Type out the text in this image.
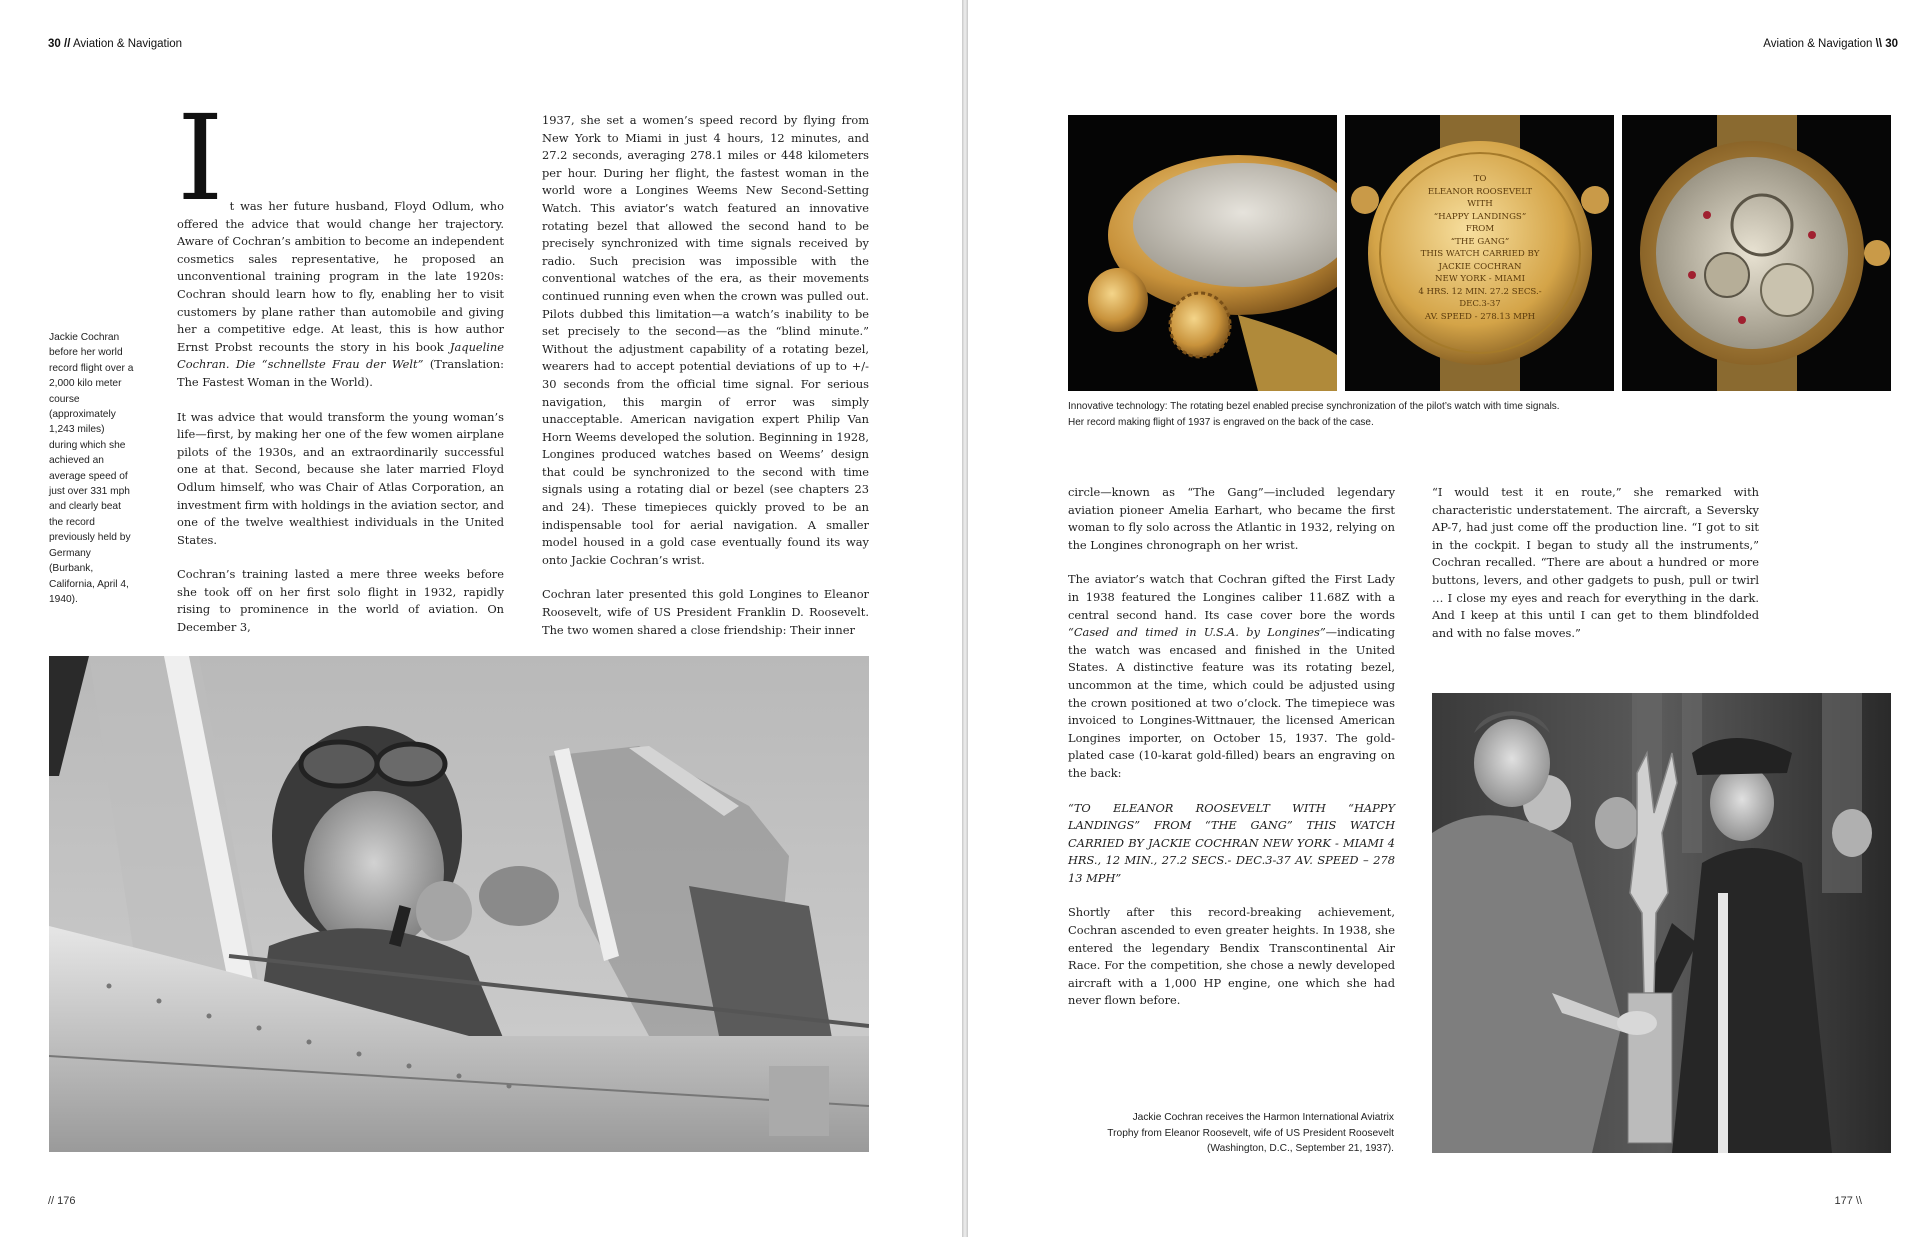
30 // Aviation & Navigation
Jackie Cochran before her world record flight over a 2,000 kilo meter course (approximately 1,243 miles) during which she achieved an average speed of just over 331 mph and clearly beat the record previously held by Germany (Burbank, California, April 4, 1940).

It was her future husband, Floyd Odlum, who offered the advice that would change her trajectory. Aware of Cochran’s ambition to become an independent cosmetics sales representative, he proposed an unconventional training program in the late 1920s: Cochran should learn how to fly, enabling her to visit customers by plane rather than automobile and giving her a competitive edge. At least, this is how author Ernst Probst recounts the story in his book Jaqueline Cochran. Die “schnellste Frau der Welt” (Translation: The Fastest Woman in the World).

It was advice that would transform the young woman’s life—first, by making her one of the few women airplane pilots of the 1930s, and an extraordinarily successful one at that. Second, because she later married Floyd Odlum himself, who was Chair of Atlas Corporation, an investment firm with holdings in the aviation sector, and one of the twelve wealthiest individuals in the United States.

Cochran’s training lasted a mere three weeks before she took off on her first solo flight in 1932, rapidly rising to prominence in the world of aviation. On December 3,

1937, she set a women’s speed record by flying from New York to Miami in just 4 hours, 12 minutes, and 27.2 seconds, averaging 278.1 miles or 448 kilometers per hour. During her flight, the fastest woman in the world wore a Longines Weems New Second-Setting Watch. This aviator’s watch featured an innovative rotating bezel that allowed the second hand to be precisely synchronized with time signals received by radio. Such precision was impossible with the conventional watches of the era, as their movements continued running even when the crown was pulled out. Pilots dubbed this limitation—a watch’s inability to be set precisely to the second—as the “blind minute.” Without the adjustment capability of a rotating bezel, wearers had to accept potential deviations of up to +/- 30 seconds from the official time signal. For serious navigation, this margin of error was simply unacceptable. American navigation expert Philip Van Horn Weems developed the solution. Beginning in 1928, Longines produced watches based on Weems’ design that could be synchronized to the second with time signals using a rotating dial or bezel (see chapters 23 and 24). These timepieces quickly proved to be an indispensable tool for aerial navigation. A smaller model housed in a gold case eventually found its way onto Jackie Cochran’s wrist.

Cochran later presented this gold Longines to Eleanor Roosevelt, wife of US President Franklin D. Roosevelt. The two women shared a close friendship: Their inner

// 176
Aviation & Navigation \\ 30
TO
ELEANOR ROOSEVELT
WITH
“HAPPY LANDINGS”
FROM
“THE GANG”
THIS WATCH CARRIED BY
JACKIE COCHRAN
NEW YORK - MIAMI
4 HRS. 12 MIN. 27.2 SECS.-DEC.3-37
AV. SPEED - 278.13 MPH
Innovative technology: The rotating bezel enabled precise synchronization of the pilot’s watch with time signals.
Her record making flight of 1937 is engraved on the back of the case.

circle—known as “The Gang”—included legendary aviation pioneer Amelia Earhart, who became the first woman to fly solo across the Atlantic in 1932, relying on the Longines chronograph on her wrist.

The aviator’s watch that Cochran gifted the First Lady in 1938 featured the Longines caliber 11.68Z with a central second hand. Its case cover bore the words “Cased and timed in U.S.A. by Longines”—indicating the watch was encased and finished in the United States. A distinctive feature was its rotating bezel, uncommon at the time, which could be adjusted using the crown positioned at two o’clock. The timepiece was invoiced to Longines-Wittnauer, the licensed American Longines importer, on October 15, 1937. The gold-plated case (10-karat gold-filled) bears an engraving on the back:

“TO ELEANOR ROOSEVELT WITH “HAPPY LANDINGS” FROM “THE GANG” THIS WATCH CARRIED BY JACKIE COCHRAN NEW YORK - MIAMI 4 HRS., 12 MIN., 27.2 SECS.- DEC.3-37 AV. SPEED – 278 13 MPH”

Shortly after this record-breaking achievement, Cochran ascended to even greater heights. In 1938, she entered the legendary Bendix Transcontinental Air Race. For the competition, she chose a newly developed aircraft with a 1,000 HP engine, one which she had never flown before.

“I would test it en route,” she remarked with characteristic understatement. The aircraft, a Seversky AP-7, had just come off the production line. “I got to sit in the cockpit. I began to study all the instruments,” Cochran recalled. “There are about a hundred or more buttons, levers, and other gadgets to push, pull or twirl … I close my eyes and reach for everything in the dark. And I keep at this until I can get to them blindfolded and with no false moves.”

Jackie Cochran receives the Harmon International Aviatrix Trophy from Eleanor Roosevelt, wife of US President Roosevelt (Washington, D.C., September 21, 1937).
177 \\
